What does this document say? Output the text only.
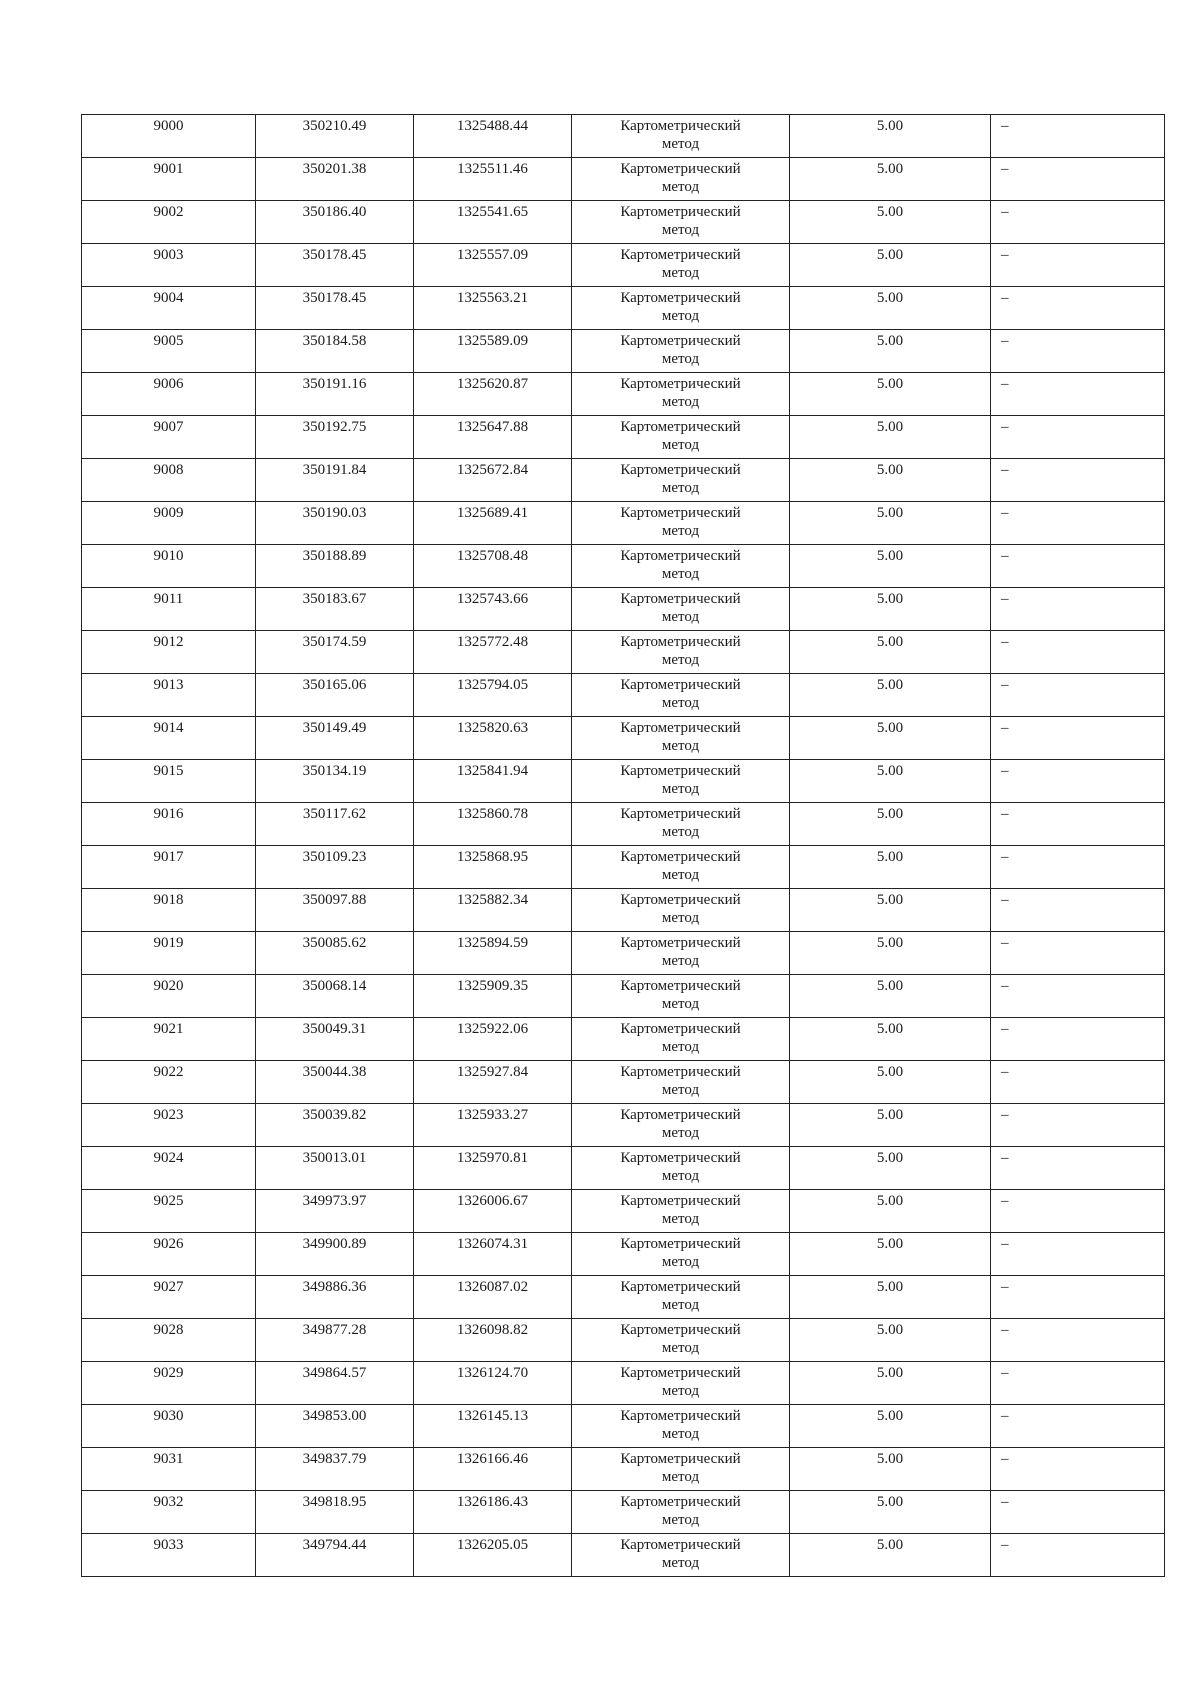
9000	350210.49	1325488.44	Картометрический
метод	5.00	–

9001	350201.38	1325511.46	Картометрический
метод	5.00	–

9002	350186.40	1325541.65	Картометрический
метод	5.00	–

9003	350178.45	1325557.09	Картометрический
метод	5.00	–

9004	350178.45	1325563.21	Картометрический
метод	5.00	–

9005	350184.58	1325589.09	Картометрический
метод	5.00	–

9006	350191.16	1325620.87	Картометрический
метод	5.00	–

9007	350192.75	1325647.88	Картометрический
метод	5.00	–

9008	350191.84	1325672.84	Картометрический
метод	5.00	–

9009	350190.03	1325689.41	Картометрический
метод	5.00	–

9010	350188.89	1325708.48	Картометрический
метод	5.00	–

9011	350183.67	1325743.66	Картометрический
метод	5.00	–

9012	350174.59	1325772.48	Картометрический
метод	5.00	–

9013	350165.06	1325794.05	Картометрический
метод	5.00	–

9014	350149.49	1325820.63	Картометрический
метод	5.00	–

9015	350134.19	1325841.94	Картометрический
метод	5.00	–

9016	350117.62	1325860.78	Картометрический
метод	5.00	–

9017	350109.23	1325868.95	Картометрический
метод	5.00	–

9018	350097.88	1325882.34	Картометрический
метод	5.00	–

9019	350085.62	1325894.59	Картометрический
метод	5.00	–

9020	350068.14	1325909.35	Картометрический
метод	5.00	–

9021	350049.31	1325922.06	Картометрический
метод	5.00	–

9022	350044.38	1325927.84	Картометрический
метод	5.00	–

9023	350039.82	1325933.27	Картометрический
метод	5.00	–

9024	350013.01	1325970.81	Картометрический
метод	5.00	–

9025	349973.97	1326006.67	Картометрический
метод	5.00	–

9026	349900.89	1326074.31	Картометрический
метод	5.00	–

9027	349886.36	1326087.02	Картометрический
метод	5.00	–

9028	349877.28	1326098.82	Картометрический
метод	5.00	–

9029	349864.57	1326124.70	Картометрический
метод	5.00	–

9030	349853.00	1326145.13	Картометрический
метод	5.00	–

9031	349837.79	1326166.46	Картометрический
метод	5.00	–

9032	349818.95	1326186.43	Картометрический
метод	5.00	–

9033	349794.44	1326205.05	Картометрический
метод	5.00	–
